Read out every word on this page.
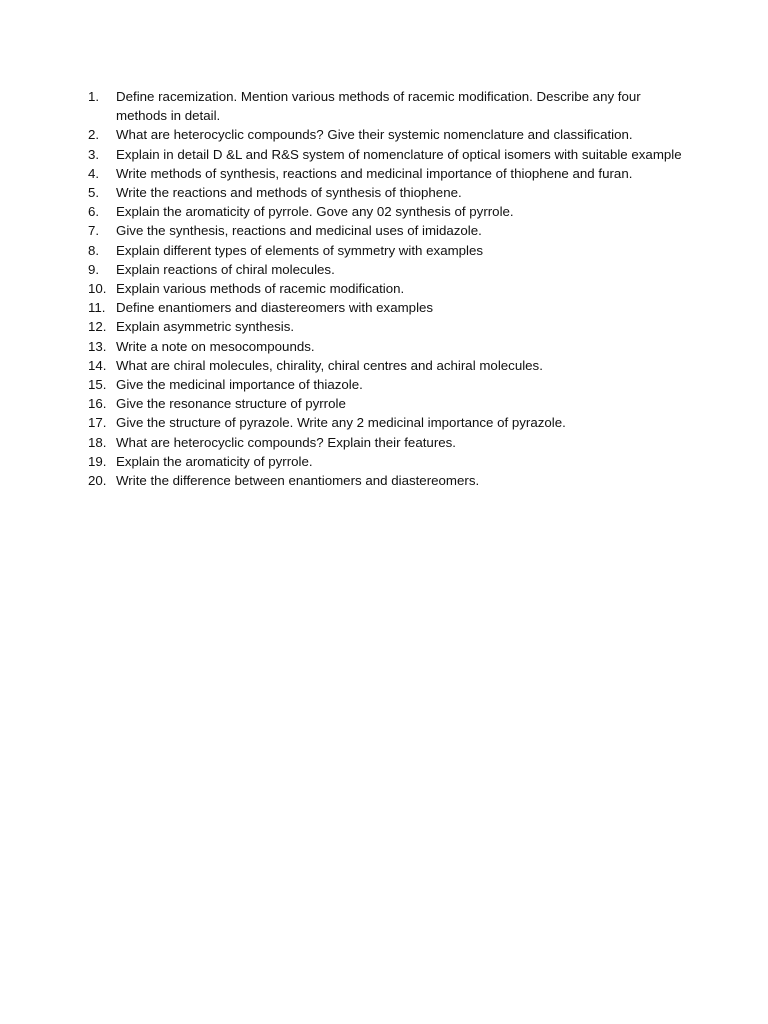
1.	Define racemization. Mention various methods of racemic modification. Describe any four methods in detail.
2.	What are heterocyclic compounds? Give their systemic nomenclature and classification.
3.	Explain in detail D &L and R&S system of nomenclature of optical isomers with suitable example
4.	Write methods of synthesis, reactions and medicinal importance of thiophene and furan.
5.	Write the reactions and methods of synthesis of thiophene.
6.	Explain the aromaticity of pyrrole. Gove any 02 synthesis of pyrrole.
7.	Give the synthesis, reactions and medicinal uses of imidazole.
8.	Explain different types of elements of symmetry with examples
9.	Explain reactions of chiral molecules.
10. Explain various methods of racemic modification.
11. Define enantiomers and diastereomers with examples
12. Explain asymmetric synthesis.
13. Write a note on mesocompounds.
14. What are chiral molecules, chirality, chiral centres and achiral molecules.
15. Give the medicinal importance of thiazole.
16. Give the resonance structure of pyrrole
17. Give the structure of pyrazole. Write any 2 medicinal importance of pyrazole.
18. What are heterocyclic compounds? Explain their features.
19. Explain the aromaticity of pyrrole.
20. Write the difference between enantiomers and diastereomers.
